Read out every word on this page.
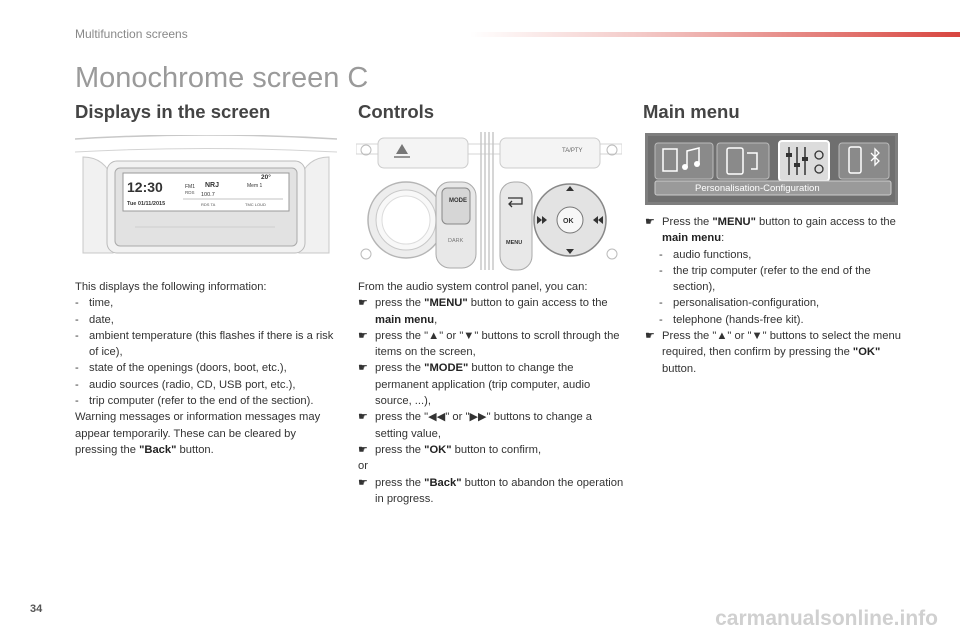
Multifunction screens
Monochrome screen C
Displays in the screen	Controls	Main menu
12:30
Tue 01/11/2015
FM1
RDS
NRJ
100.7
Mem 1
20°
RDS TA	TMC LOUD
TA/PTY
MODE
DARK	MENU
OK
Personalisation-Configuration

This displays the following information:

- time,
- date,
- ambient temperature (this flashes if there is a risk of ice),
- state of the openings (doors, boot, etc.),
- audio sources (radio, CD, USB port, etc.),
- trip computer (refer to the end of the section).

Warning messages or information messages may appear temporarily. These can be cleared by pressing the "Back" button.

From the audio system control panel, you can:

☛ press the "MENU" button to gain access to the main menu,
☛ press the "▲" or "▼" buttons to scroll through the items on the screen,
☛ press the "MODE" button to change the permanent application (trip computer, audio source, ...),
☛ press the "◀◀" or "▶▶" buttons to change a setting value,
☛ press the "OK" button to confirm,

or

☛ press the "Back" button to abandon the operation in progress.
☛ Press the "MENU" button to gain access to the main menu:
- audio functions,
- the trip computer (refer to the end of the section),
- personalisation-configuration,
- telephone (hands-free kit).
☛ Press the "▲" or "▼" buttons to select the menu required, then confirm by pressing the "OK" button.
34	carmanualsonline.info
